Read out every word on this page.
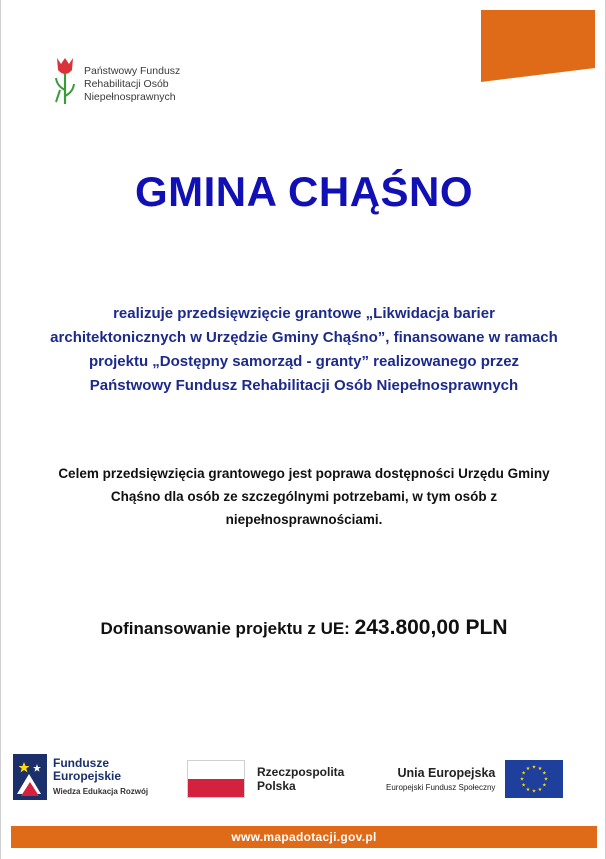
Państwowy Fundusz
Rehabilitacji Osób
Niepełnosprawnych
GMINA CHĄŚNO
realizuje przedsięwzięcie grantowe „Likwidacja barier
architektonicznych w Urzędzie Gminy Chąśno”, finansowane w ramach
projektu „Dostępny samorząd - granty” realizowanego przez
Państwowy Fundusz Rehabilitacji Osób Niepełnosprawnych
Celem przedsięwzięcia grantowego jest poprawa dostępności Urzędu Gminy
Chąśno dla osób ze szczególnymi potrzebami, w tym osób z
niepełnosprawnościami.
Dofinansowanie projektu z UE: 243.800,00 PLN
Fundusze
Europejskie
Wiedza Edukacja Rozwój
Rzeczpospolita
Polska
Unia Europejska
Europejski Fundusz Społeczny
★ ★
★
★
★
★
★
★
★
★
★
★
www.mapadotacji.gov.pl
